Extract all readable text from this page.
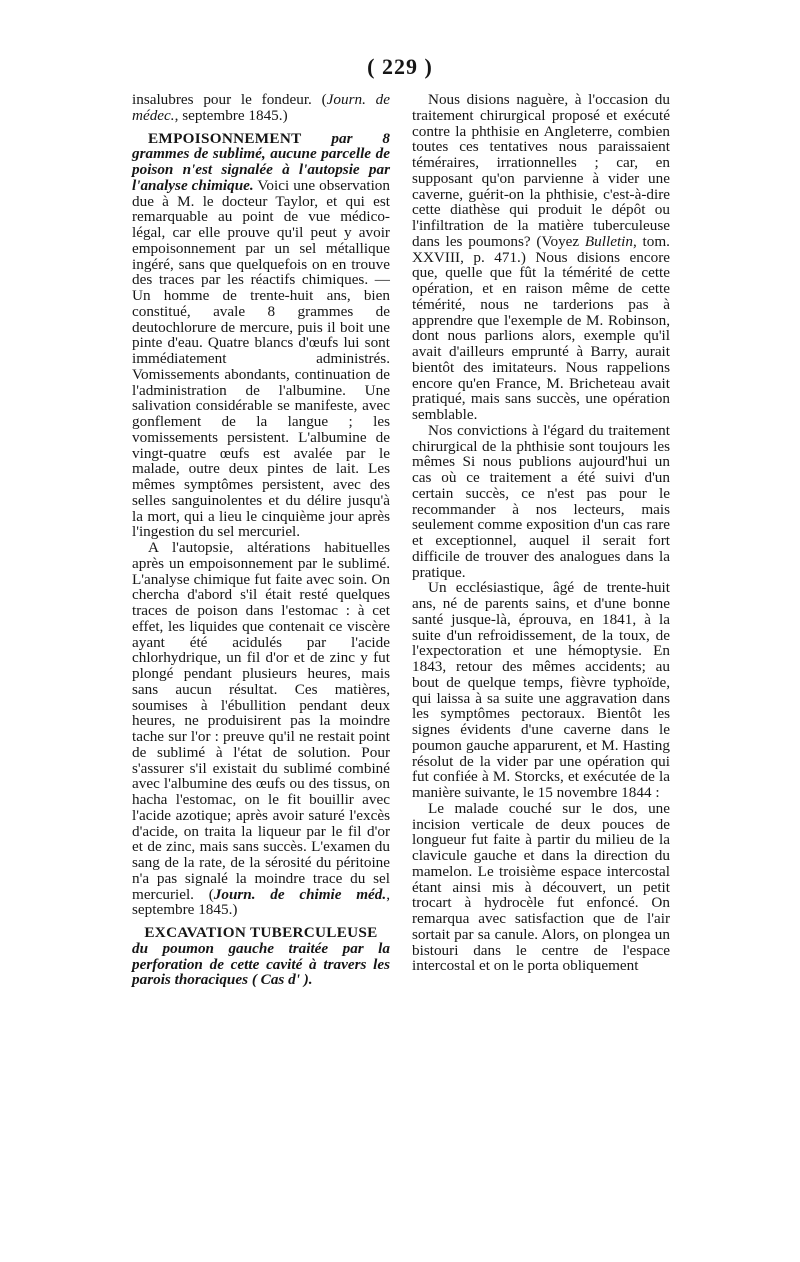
( 229 )

insalubres pour le fondeur. (Journ. de médec., septembre 1845.)

EMPOISONNEMENT par 8 grammes de sublimé, aucune parcelle de poison n'est signalée à l'autopsie par l'analyse chimique. Voici une observation due à M. le docteur Taylor, et qui est remarquable au point de vue médico-légal, car elle prouve qu'il peut y avoir empoisonnement par un sel métallique ingéré, sans que quelquefois on en trouve des traces par les réactifs chimiques. — Un homme de trente-huit ans, bien constitué, avale 8 grammes de deutochlorure de mercure, puis il boit une pinte d'eau. Quatre blancs d'œufs lui sont immédiatement administrés. Vomissements abondants, continuation de l'administration de l'albumine. Une salivation considérable se manifeste, avec gonflement de la langue ; les vomissements persistent. L'albumine de vingt-quatre œufs est avalée par le malade, outre deux pintes de lait. Les mêmes symptômes persistent, avec des selles sanguinolentes et du délire jusqu'à la mort, qui a lieu le cinquième jour après l'ingestion du sel mercuriel.

A l'autopsie, altérations habituelles après un empoisonnement par le sublimé. L'analyse chimique fut faite avec soin. On chercha d'abord s'il était resté quelques traces de poison dans l'estomac : à cet effet, les liquides que contenait ce viscère ayant été acidulés par l'acide chlorhydrique, un fil d'or et de zinc y fut plongé pendant plusieurs heures, mais sans aucun résultat. Ces matières, soumises à l'ébullition pendant deux heures, ne produisirent pas la moindre tache sur l'or : preuve qu'il ne restait point de sublimé à l'état de solution. Pour s'assurer s'il existait du sublimé combiné avec l'albumine des œufs ou des tissus, on hacha l'estomac, on le fit bouillir avec l'acide azotique; après avoir saturé l'excès d'acide, on traita la liqueur par le fil d'or et de zinc, mais sans succès. L'examen du sang de la rate, de la sérosité du péritoine n'a pas signalé la moindre trace du sel mercuriel. (Journ. de chimie méd., septembre 1845.)

EXCAVATION TUBERCULEUSE

du poumon gauche traitée par la perforation de cette cavité à travers les parois thoraciques ( Cas d' ).

Nous disions naguère, à l'occasion du traitement chirurgical proposé et exécuté contre la phthisie en Angleterre, combien toutes ces tentatives nous paraissaient téméraires, irrationnelles ; car, en supposant qu'on parvienne à vider une caverne, guérit-on la phthisie, c'est-à-dire cette diathèse qui produit le dépôt ou l'infiltration de la matière tuberculeuse dans les poumons? (Voyez Bulletin, tom. XXVIII, p. 471.) Nous disions encore que, quelle que fût la témérité de cette opération, et en raison même de cette témérité, nous ne tarderions pas à apprendre que l'exemple de M. Robinson, dont nous parlions alors, exemple qu'il avait d'ailleurs emprunté à Barry, aurait bientôt des imitateurs. Nous rappelions encore qu'en France, M. Bricheteau avait pratiqué, mais sans succès, une opération semblable.

Nos convictions à l'égard du traitement chirurgical de la phthisie sont toujours les mêmes Si nous publions aujourd'hui un cas où ce traitement a été suivi d'un certain succès, ce n'est pas pour le recommander à nos lecteurs, mais seulement comme exposition d'un cas rare et exceptionnel, auquel il serait fort difficile de trouver des analogues dans la pratique.

Un ecclésiastique, âgé de trente-huit ans, né de parents sains, et d'une bonne santé jusque-là, éprouva, en 1841, à la suite d'un refroidissement, de la toux, de l'expectoration et une hémoptysie. En 1843, retour des mêmes accidents; au bout de quelque temps, fièvre typhoïde, qui laissa à sa suite une aggravation dans les symptômes pectoraux. Bientôt les signes évidents d'une caverne dans le poumon gauche apparurent, et M. Hasting résolut de la vider par une opération qui fut confiée à M. Storcks, et exécutée de la manière suivante, le 15 novembre 1844 :

Le malade couché sur le dos, une incision verticale de deux pouces de longueur fut faite à partir du milieu de la clavicule gauche et dans la direction du mamelon. Le troisième espace intercostal étant ainsi mis à découvert, un petit trocart à hydrocèle fut enfoncé. On remarqua avec satisfaction que de l'air sortait par sa canule. Alors, on plongea un bistouri dans le centre de l'espace intercostal et on le porta obliquement
